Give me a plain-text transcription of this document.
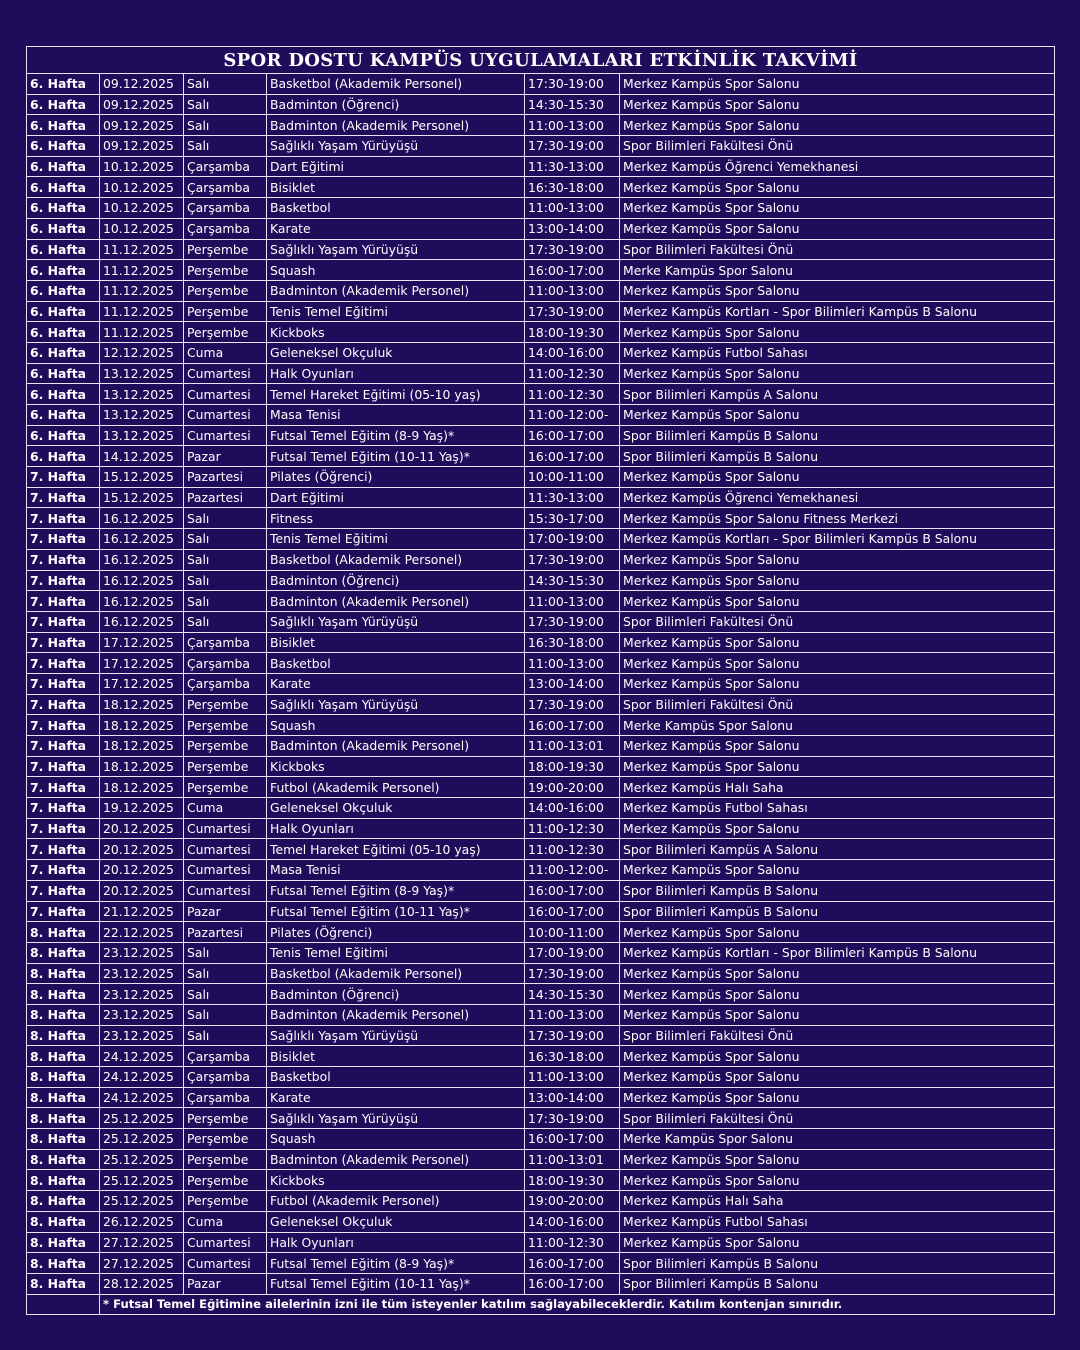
SPOR DOSTU KAMPÜS UYGULAMALARI ETKİNLİK TAKVİMİ					
6. Hafta	09.12.2025	Salı	Basketbol (Akademik Personel)	17:30-19:00	Merkez Kampüs Spor Salonu
6. Hafta	09.12.2025	Salı	Badminton (Öğrenci)	14:30-15:30	Merkez Kampüs Spor Salonu
6. Hafta	09.12.2025	Salı	Badminton (Akademik Personel)	11:00-13:00	Merkez Kampüs Spor Salonu
6. Hafta	09.12.2025	Salı	Sağlıklı Yaşam Yürüyüşü	17:30-19:00	Spor Bilimleri Fakültesi Önü
6. Hafta	10.12.2025	Çarşamba	Dart Eğitimi	11:30-13:00	Merkez Kampüs Öğrenci Yemekhanesi
6. Hafta	10.12.2025	Çarşamba	Bisiklet	16:30-18:00	Merkez Kampüs Spor Salonu
6. Hafta	10.12.2025	Çarşamba	Basketbol	11:00-13:00	Merkez Kampüs Spor Salonu
6. Hafta	10.12.2025	Çarşamba	Karate	13:00-14:00	Merkez Kampüs Spor Salonu
6. Hafta	11.12.2025	Perşembe	Sağlıklı Yaşam Yürüyüşü	17:30-19:00	Spor Bilimleri Fakültesi Önü
6. Hafta	11.12.2025	Perşembe	Squash	16:00-17:00	Merke Kampüs Spor Salonu
6. Hafta	11.12.2025	Perşembe	Badminton (Akademik Personel)	11:00-13:00	Merkez Kampüs Spor Salonu
6. Hafta	11.12.2025	Perşembe	Tenis Temel Eğitimi	17:30-19:00	Merkez Kampüs Kortları - Spor Bilimleri Kampüs B Salonu
6. Hafta	11.12.2025	Perşembe	Kickboks	18:00-19:30	Merkez Kampüs Spor Salonu
6. Hafta	12.12.2025	Cuma	Geleneksel Okçuluk	14:00-16:00	Merkez Kampüs Futbol Sahası
6. Hafta	13.12.2025	Cumartesi	Halk Oyunları	11:00-12:30	Merkez Kampüs Spor Salonu
6. Hafta	13.12.2025	Cumartesi	Temel Hareket Eğitimi (05-10 yaş)	11:00-12:30	Spor Bilimleri Kampüs A Salonu
6. Hafta	13.12.2025	Cumartesi	Masa Tenisi	11:00-12:00-	Merkez Kampüs Spor Salonu
6. Hafta	13.12.2025	Cumartesi	Futsal Temel Eğitim (8-9 Yaş)*	16:00-17:00	Spor Bilimleri Kampüs B Salonu
6. Hafta	14.12.2025	Pazar	Futsal Temel Eğitim (10-11 Yaş)*	16:00-17:00	Spor Bilimleri Kampüs B Salonu
7. Hafta	15.12.2025	Pazartesi	Pilates (Öğrenci)	10:00-11:00	Merkez Kampüs Spor Salonu
7. Hafta	15.12.2025	Pazartesi	Dart Eğitimi	11:30-13:00	Merkez Kampüs Öğrenci Yemekhanesi
7. Hafta	16.12.2025	Salı	Fitness	15:30-17:00	Merkez Kampüs Spor Salonu Fitness Merkezi
7. Hafta	16.12.2025	Salı	Tenis Temel Eğitimi	17:00-19:00	Merkez Kampüs Kortları - Spor Bilimleri Kampüs B Salonu
7. Hafta	16.12.2025	Salı	Basketbol (Akademik Personel)	17:30-19:00	Merkez Kampüs Spor Salonu
7. Hafta	16.12.2025	Salı	Badminton (Öğrenci)	14:30-15:30	Merkez Kampüs Spor Salonu
7. Hafta	16.12.2025	Salı	Badminton (Akademik Personel)	11:00-13:00	Merkez Kampüs Spor Salonu
7. Hafta	16.12.2025	Salı	Sağlıklı Yaşam Yürüyüşü	17:30-19:00	Spor Bilimleri Fakültesi Önü
7. Hafta	17.12.2025	Çarşamba	Bisiklet	16:30-18:00	Merkez Kampüs Spor Salonu
7. Hafta	17.12.2025	Çarşamba	Basketbol	11:00-13:00	Merkez Kampüs Spor Salonu
7. Hafta	17.12.2025	Çarşamba	Karate	13:00-14:00	Merkez Kampüs Spor Salonu
7. Hafta	18.12.2025	Perşembe	Sağlıklı Yaşam Yürüyüşü	17:30-19:00	Spor Bilimleri Fakültesi Önü
7. Hafta	18.12.2025	Perşembe	Squash	16:00-17:00	Merke Kampüs Spor Salonu
7. Hafta	18.12.2025	Perşembe	Badminton (Akademik Personel)	11:00-13:01	Merkez Kampüs Spor Salonu
7. Hafta	18.12.2025	Perşembe	Kickboks	18:00-19:30	Merkez Kampüs Spor Salonu
7. Hafta	18.12.2025	Perşembe	Futbol (Akademik Personel)	19:00-20:00	Merkez Kampüs Halı Saha
7. Hafta	19.12.2025	Cuma	Geleneksel Okçuluk	14:00-16:00	Merkez Kampüs Futbol Sahası
7. Hafta	20.12.2025	Cumartesi	Halk Oyunları	11:00-12:30	Merkez Kampüs Spor Salonu
7. Hafta	20.12.2025	Cumartesi	Temel Hareket Eğitimi (05-10 yaş)	11:00-12:30	Spor Bilimleri Kampüs A Salonu
7. Hafta	20.12.2025	Cumartesi	Masa Tenisi	11:00-12:00-	Merkez Kampüs Spor Salonu
7. Hafta	20.12.2025	Cumartesi	Futsal Temel Eğitim (8-9 Yaş)*	16:00-17:00	Spor Bilimleri Kampüs B Salonu
7. Hafta	21.12.2025	Pazar	Futsal Temel Eğitim (10-11 Yaş)*	16:00-17:00	Spor Bilimleri Kampüs B Salonu
8. Hafta	22.12.2025	Pazartesi	Pilates (Öğrenci)	10:00-11:00	Merkez Kampüs Spor Salonu
8. Hafta	23.12.2025	Salı	Tenis Temel Eğitimi	17:00-19:00	Merkez Kampüs Kortları - Spor Bilimleri Kampüs B Salonu
8. Hafta	23.12.2025	Salı	Basketbol (Akademik Personel)	17:30-19:00	Merkez Kampüs Spor Salonu
8. Hafta	23.12.2025	Salı	Badminton (Öğrenci)	14:30-15:30	Merkez Kampüs Spor Salonu
8. Hafta	23.12.2025	Salı	Badminton (Akademik Personel)	11:00-13:00	Merkez Kampüs Spor Salonu
8. Hafta	23.12.2025	Salı	Sağlıklı Yaşam Yürüyüşü	17:30-19:00	Spor Bilimleri Fakültesi Önü
8. Hafta	24.12.2025	Çarşamba	Bisiklet	16:30-18:00	Merkez Kampüs Spor Salonu
8. Hafta	24.12.2025	Çarşamba	Basketbol	11:00-13:00	Merkez Kampüs Spor Salonu
8. Hafta	24.12.2025	Çarşamba	Karate	13:00-14:00	Merkez Kampüs Spor Salonu
8. Hafta	25.12.2025	Perşembe	Sağlıklı Yaşam Yürüyüşü	17:30-19:00	Spor Bilimleri Fakültesi Önü
8. Hafta	25.12.2025	Perşembe	Squash	16:00-17:00	Merke Kampüs Spor Salonu
8. Hafta	25.12.2025	Perşembe	Badminton (Akademik Personel)	11:00-13:01	Merkez Kampüs Spor Salonu
8. Hafta	25.12.2025	Perşembe	Kickboks	18:00-19:30	Merkez Kampüs Spor Salonu
8. Hafta	25.12.2025	Perşembe	Futbol (Akademik Personel)	19:00-20:00	Merkez Kampüs Halı Saha
8. Hafta	26.12.2025	Cuma	Geleneksel Okçuluk	14:00-16:00	Merkez Kampüs Futbol Sahası
8. Hafta	27.12.2025	Cumartesi	Halk Oyunları	11:00-12:30	Merkez Kampüs Spor Salonu
8. Hafta	27.12.2025	Cumartesi	Futsal Temel Eğitim (8-9 Yaş)*	16:00-17:00	Spor Bilimleri Kampüs B Salonu
8. Hafta	28.12.2025	Pazar	Futsal Temel Eğitim (10-11 Yaş)*	16:00-17:00	Spor Bilimleri Kampüs B Salonu
	* Futsal Temel Eğitimine ailelerinin izni ile tüm isteyenler katılım sağlayabileceklerdir. Katılım kontenjan sınırıdır.				
